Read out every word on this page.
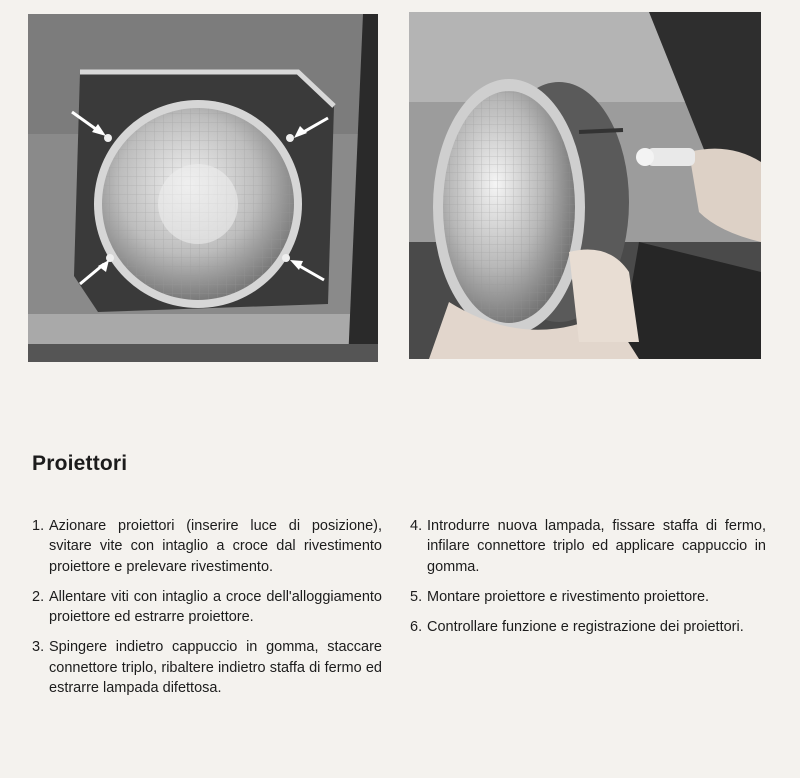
Proiettori
1. Azionare proiettori (inserire luce di posizione), svitare vite con intaglio a croce dal rivestimento proiettore e prelevare rivestimento.
2. Allentare viti con intaglio a croce dell'alloggiamento proiettore ed estrarre proiettore.
3. Spingere indietro cappuccio in gomma, staccare connettore triplo, ribaltere indietro staffa di fermo ed estrarre lampada difettosa.
4. Introdurre nuova lampada, fissare staffa di fermo, infilare connettore triplo ed applicare cappuccio in gomma.
5. Montare proiettore e rivestimento proiettore.
6. Controllare funzione e registrazione dei proiettori.
